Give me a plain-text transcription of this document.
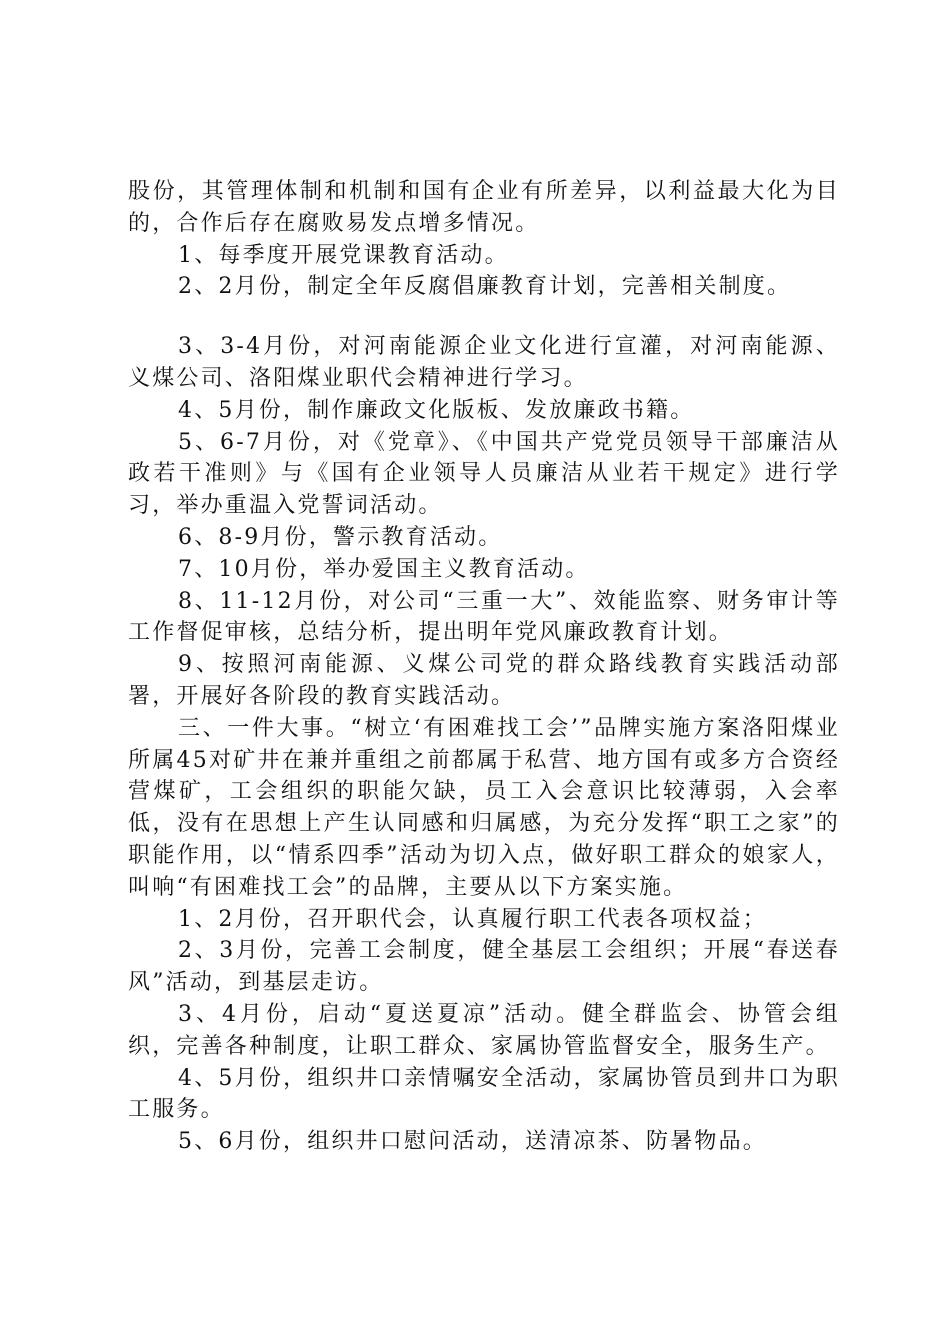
股份，其管理体制和机制和国有企业有所差异，以利益最大化为目的，合作后存在腐败易发点增多情况。

1、每季度开展党课教育活动。

2、2月份，制定全年反腐倡廉教育计划，完善相关制度。

3、3-4月份，对河南能源企业文化进行宣灌，对河南能源、义煤公司、洛阳煤业职代会精神进行学习。

4、5月份，制作廉政文化版板、发放廉政书籍。

5、6-7月份，对《党章》、《中国共产党党员领导干部廉洁从政若干准则》与《国有企业领导人员廉洁从业若干规定》进行学习，举办重温入党誓词活动。

6、8-9月份，警示教育活动。

7、10月份，举办爱国主义教育活动。

8、11-12月份，对公司“三重一大”、效能监察、财务审计等工作督促审核，总结分析，提出明年党风廉政教育计划。

9、按照河南能源、义煤公司党的群众路线教育实践活动部署，开展好各阶段的教育实践活动。

三、一件大事。“树立‘有困难找工会’”品牌实施方案洛阳煤业所属45对矿井在兼并重组之前都属于私营、地方国有或多方合资经营煤矿，工会组织的职能欠缺，员工入会意识比较薄弱，入会率低，没有在思想上产生认同感和归属感，为充分发挥“职工之家”的职能作用，以“情系四季”活动为切入点，做好职工群众的娘家人，叫响“有困难找工会”的品牌，主要从以下方案实施。

1、2月份，召开职代会，认真履行职工代表各项权益；

2、3月份，完善工会制度，健全基层工会组织；开展“春送春风”活动，到基层走访。

3、4月份，启动“夏送夏凉”活动。健全群监会、协管会组织，完善各种制度，让职工群众、家属协管监督安全，服务生产。

4、5月份，组织井口亲情嘱安全活动，家属协管员到井口为职工服务。

5、6月份，组织井口慰问活动，送清凉茶、防暑物品。
